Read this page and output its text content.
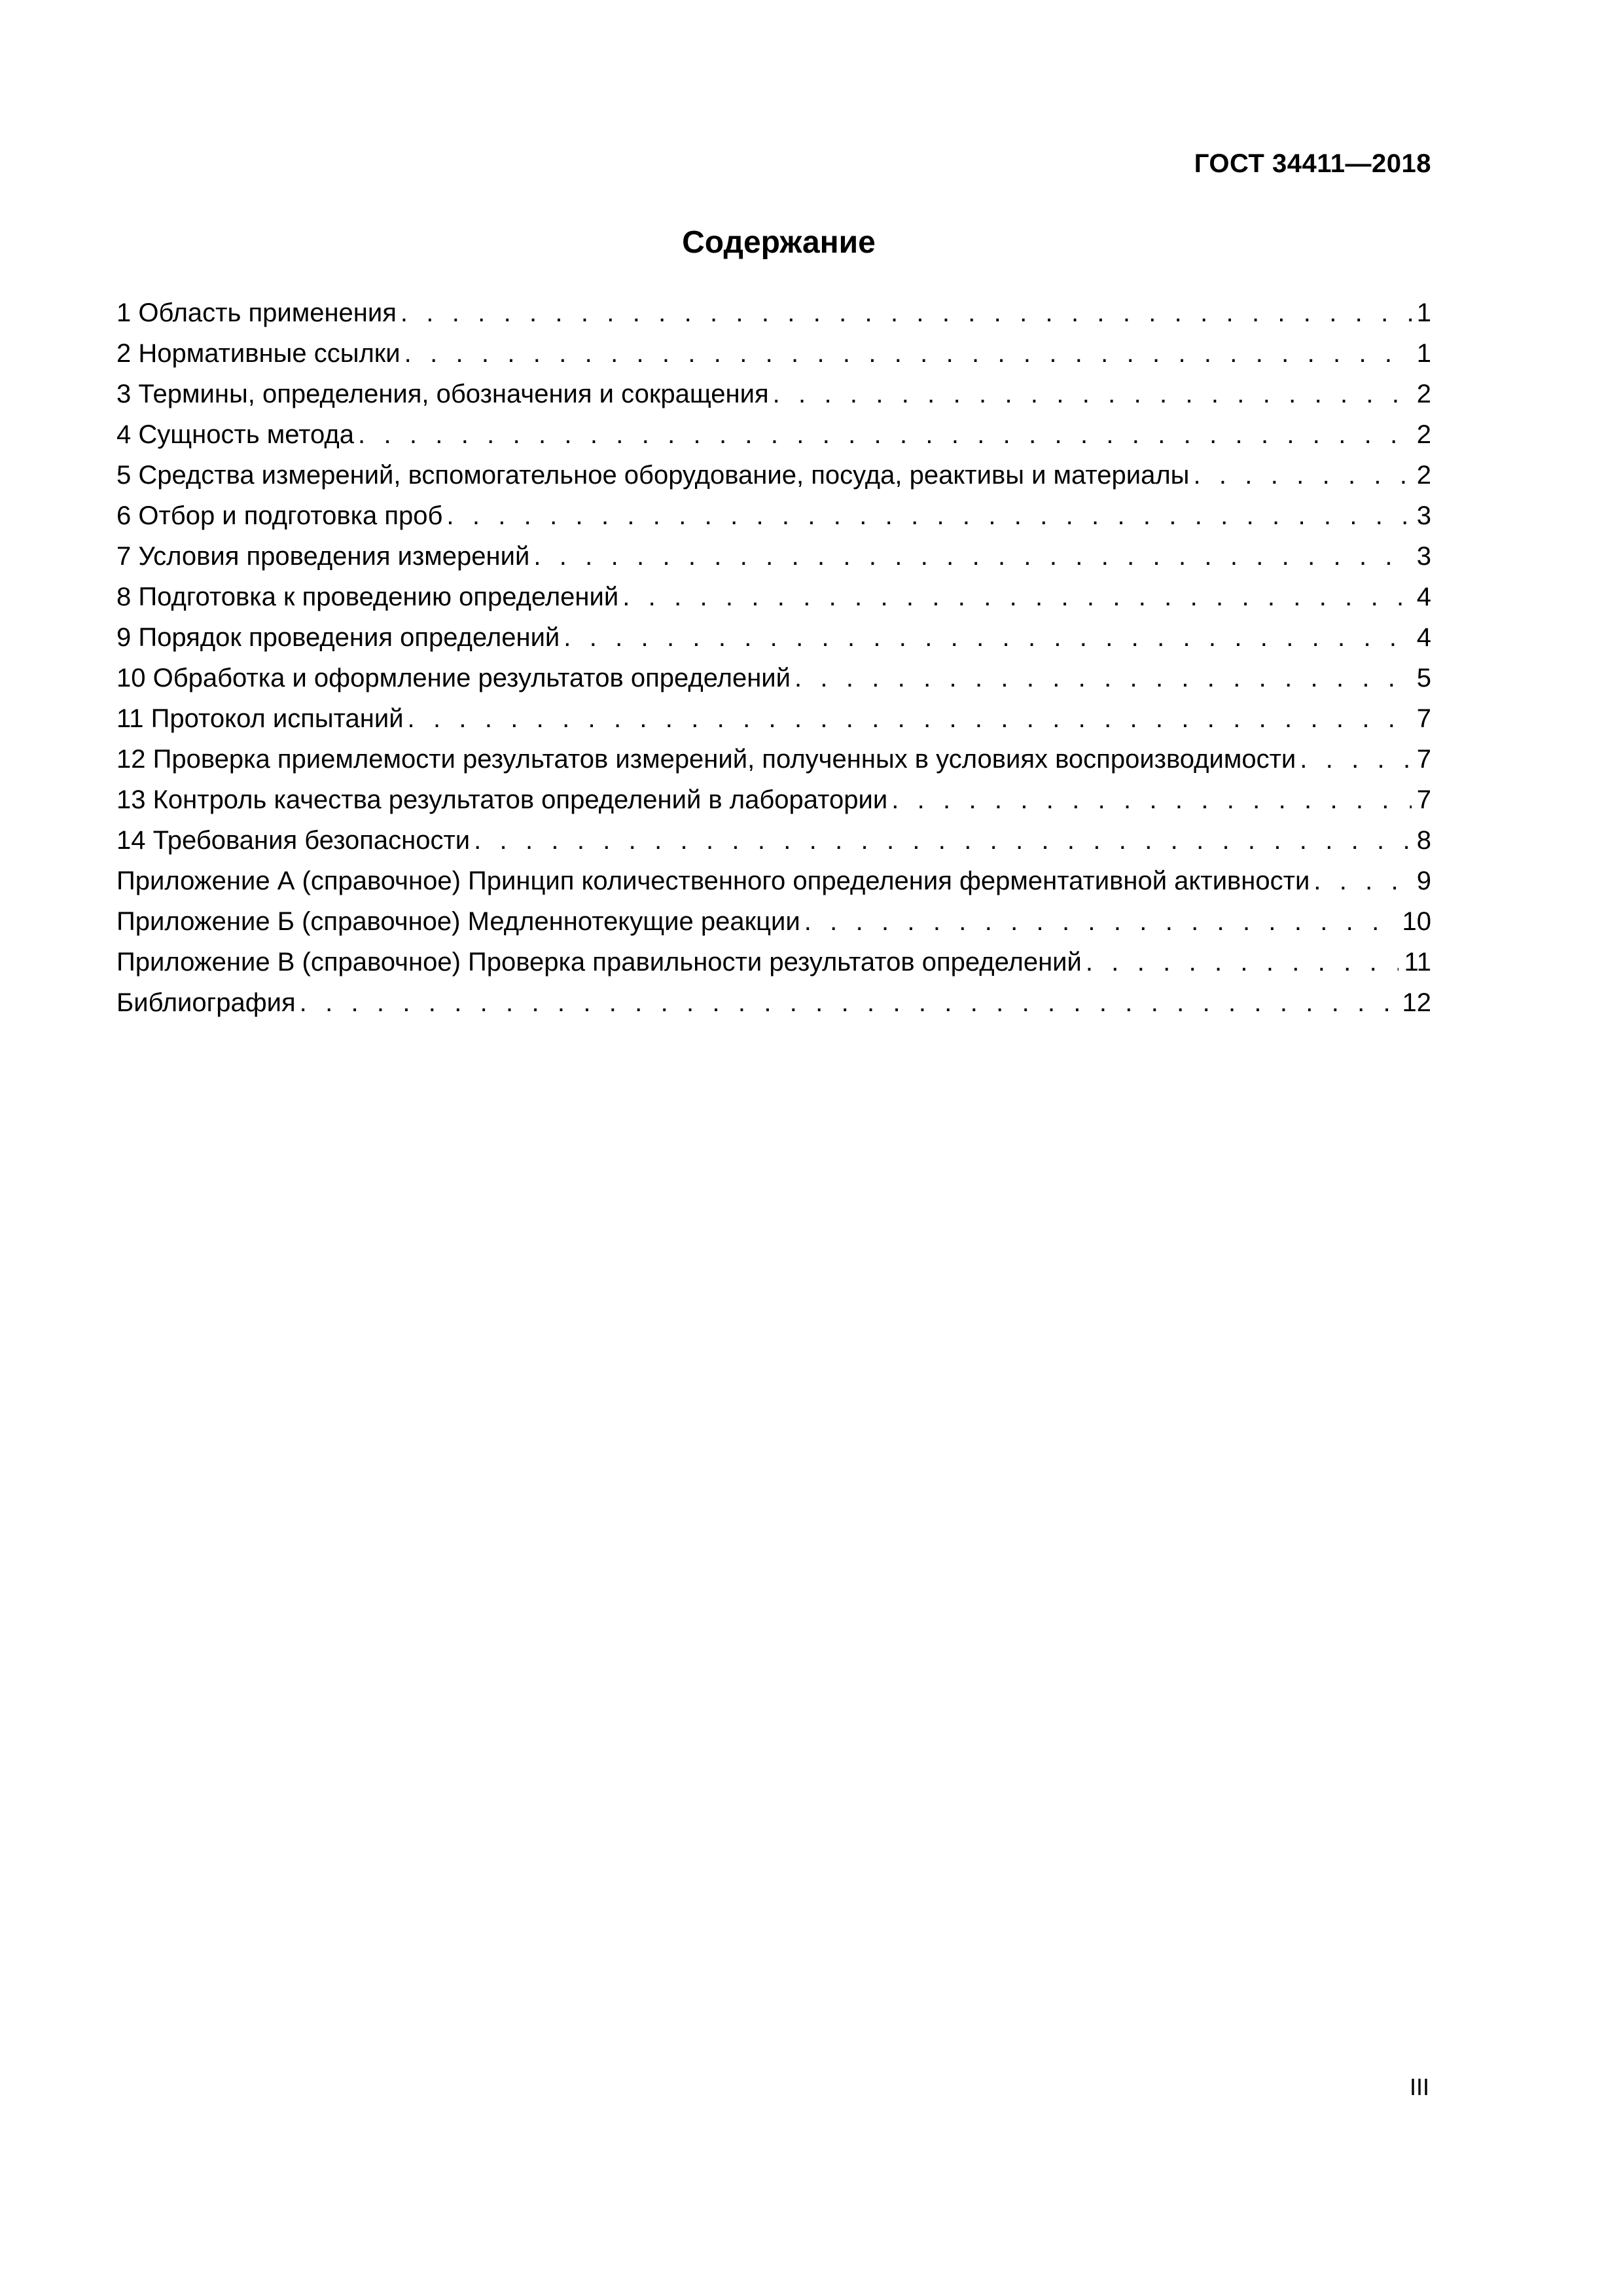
ГОСТ 34411—2018
Содержание
1 Область применения . . .	1
2 Нормативные ссылки . . .	1
3 Термины, определения, обозначения и сокращения . . .	2
4 Сущность метода . . .	2
5 Средства измерений, вспомогательное оборудование, посуда, реактивы и материалы . . .	2
6 Отбор и подготовка проб . . .	3
7 Условия проведения измерений . . .	3
8 Подготовка к проведению определений . . .	4
9 Порядок проведения определений . . .	4
10 Обработка и оформление результатов определений . . .	5
11 Протокол испытаний . . .	7
12 Проверка приемлемости результатов измерений, полученных в условиях воспроизводимости . . .	7
13 Контроль качества результатов определений в лаборатории . . .	7
14 Требования безопасности . . .	8
Приложение А (справочное) Принцип количественного определения ферментативной активности . . .	9
Приложение Б (справочное) Медленнотекущие реакции . . .	10
Приложение В (справочное) Проверка правильности результатов определений . . .	11
Библиография . . .	12
III
